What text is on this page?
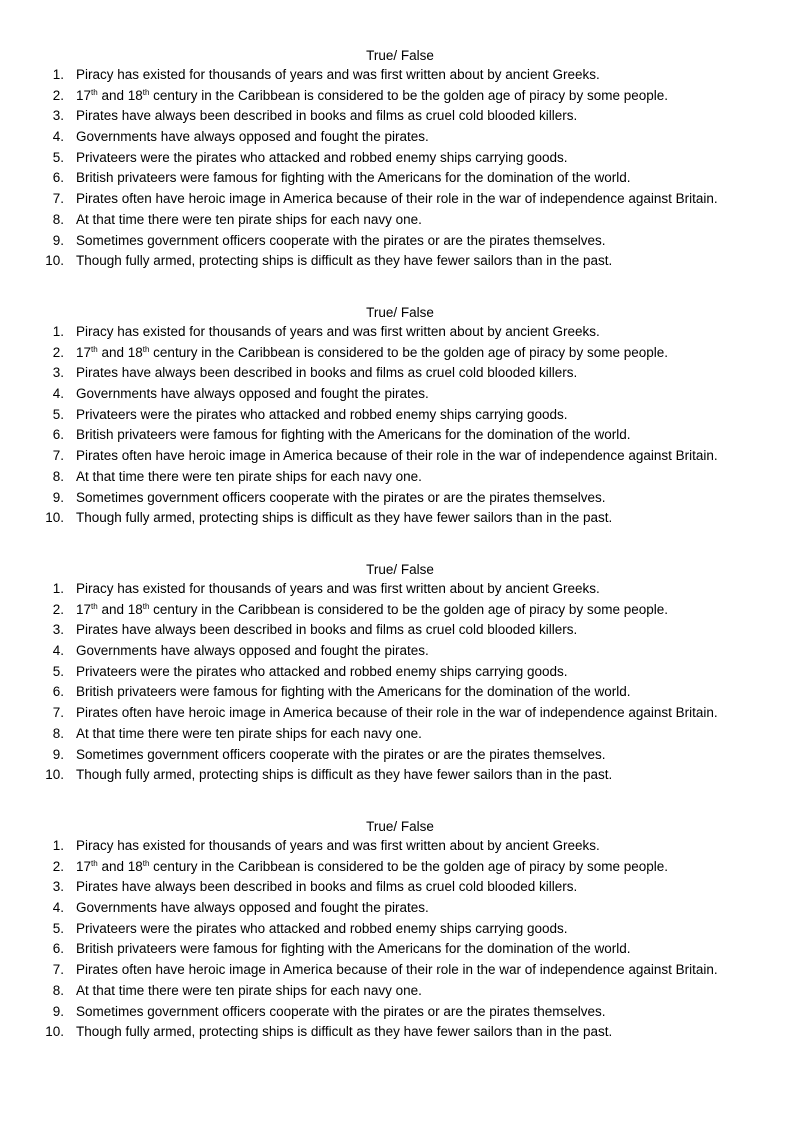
True/ False
1. Piracy has existed for thousands of years and was first written about by ancient Greeks.
2. 17th and 18th century in the Caribbean is considered to be the golden age of piracy by some people.
3. Pirates have always been described in books and films as cruel cold blooded killers.
4. Governments have always opposed and fought the pirates.
5. Privateers were the pirates who attacked and robbed enemy ships carrying goods.
6. British privateers were famous for fighting with the Americans for the domination of the world.
7. Pirates often have heroic image in America because of their role in the war of independence against Britain.
8. At that time there were ten pirate ships for each navy one.
9. Sometimes government officers cooperate with the pirates or are the pirates themselves.
10. Though fully armed, protecting ships is difficult as they have fewer sailors than in the past.
True/ False
1. Piracy has existed for thousands of years and was first written about by ancient Greeks.
2. 17th and 18th century in the Caribbean is considered to be the golden age of piracy by some people.
3. Pirates have always been described in books and films as cruel cold blooded killers.
4. Governments have always opposed and fought the pirates.
5. Privateers were the pirates who attacked and robbed enemy ships carrying goods.
6. British privateers were famous for fighting with the Americans for the domination of the world.
7. Pirates often have heroic image in America because of their role in the war of independence against Britain.
8. At that time there were ten pirate ships for each navy one.
9. Sometimes government officers cooperate with the pirates or are the pirates themselves.
10. Though fully armed, protecting ships is difficult as they have fewer sailors than in the past.
True/ False
1. Piracy has existed for thousands of years and was first written about by ancient Greeks.
2. 17th and 18th century in the Caribbean is considered to be the golden age of piracy by some people.
3. Pirates have always been described in books and films as cruel cold blooded killers.
4. Governments have always opposed and fought the pirates.
5. Privateers were the pirates who attacked and robbed enemy ships carrying goods.
6. British privateers were famous for fighting with the Americans for the domination of the world.
7. Pirates often have heroic image in America because of their role in the war of independence against Britain.
8. At that time there were ten pirate ships for each navy one.
9. Sometimes government officers cooperate with the pirates or are the pirates themselves.
10. Though fully armed, protecting ships is difficult as they have fewer sailors than in the past.
True/ False
1. Piracy has existed for thousands of years and was first written about by ancient Greeks.
2. 17th and 18th century in the Caribbean is considered to be the golden age of piracy by some people.
3. Pirates have always been described in books and films as cruel cold blooded killers.
4. Governments have always opposed and fought the pirates.
5. Privateers were the pirates who attacked and robbed enemy ships carrying goods.
6. British privateers were famous for fighting with the Americans for the domination of the world.
7. Pirates often have heroic image in America because of their role in the war of independence against Britain.
8. At that time there were ten pirate ships for each navy one.
9. Sometimes government officers cooperate with the pirates or are the pirates themselves.
10. Though fully armed, protecting ships is difficult as they have fewer sailors than in the past.
